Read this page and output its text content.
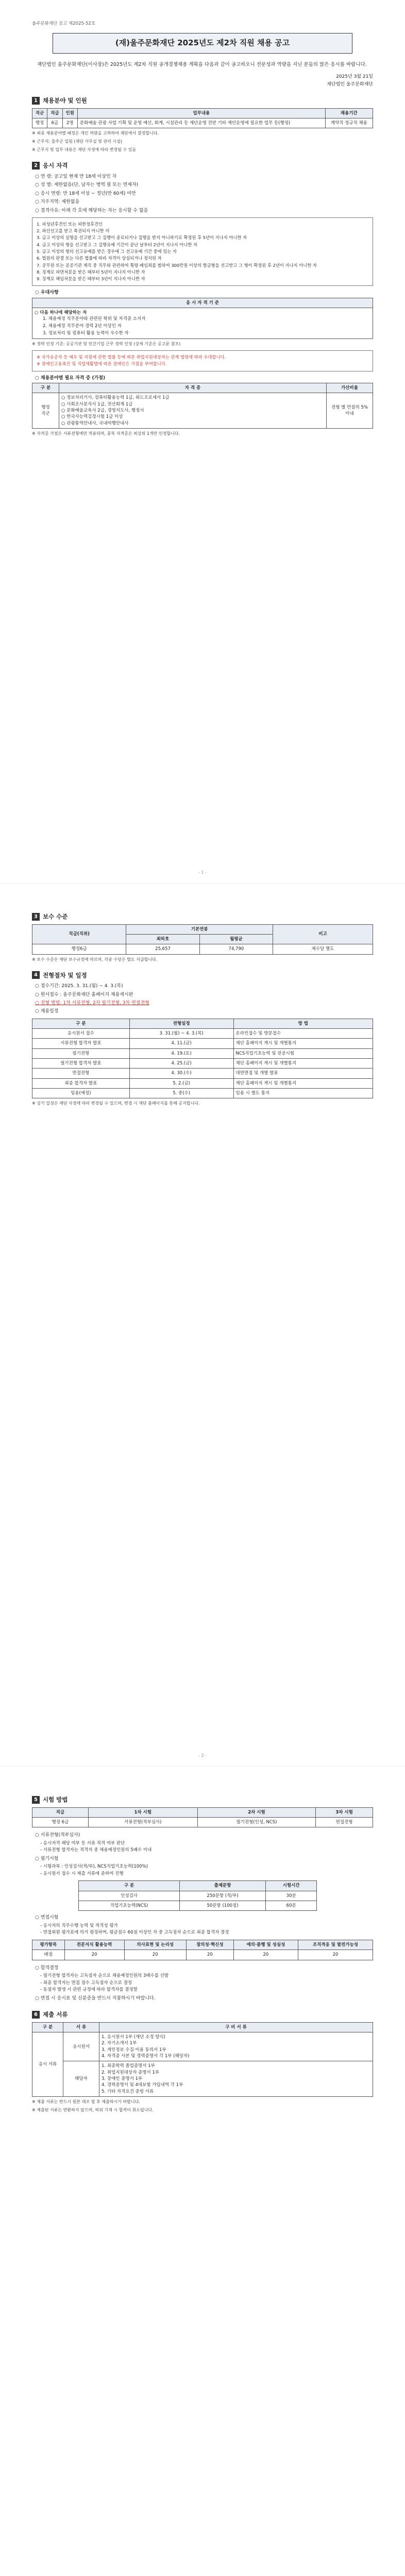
울주문화재단 공고 제2025-52호
(재)울주문화재단 2025년도 제2차 직원 채용 공고

재단법인 울주문화재단(이사장)은 2025년도 제2차 직원 공개경쟁채용 계획을 다음과 같이 공고하오니 전문성과 역량을 지닌 분들의 많은 응시를 바랍니다.

2025년 3월 21일
재단법인 울주문화재단
1 채용분야 및 인원
직군	직급	인원	업무내용	채용기간
행정	6급	2명	문화예술 관광 사업 기획 및 운영 예산, 회계, 시설관리 등 재단운영 전반 기타 재단운영에 필요한 업무 등(행정)	계약직 정규직 채용
※ 최종 채용분야별 배정은 개인 역량을 고려하여 재단에서 결정합니다.
※ 근무지: 울주군 일원 (재단 사무실 및 관리 시설)
※ 근무지 및 업무 내용은 재단 사정에 따라 변경될 수 있음
2 응시 자격
○ 연 령: 공고일 현재 만 18세 이상인 자
○ 성 별: 제한없음(단, 남자는 병역 필 또는 면제자)
○ 응시 연령: 만 18세 이상 ~ 정년(만 60세) 미만
○ 거주지역: 제한없음
○ 결격사유: 아래 각 호에 해당하는 자는 응시할 수 없음
1. 피성년후견인 또는 피한정후견인
2. 파산선고를 받고 복권되지 아니한 자
3. 금고 이상의 실형을 선고받고 그 집행이 종료되거나 집행을 받지 아니하기로 확정된 후 5년이 지나지 아니한 자
4. 금고 이상의 형을 선고받고 그 집행유예 기간이 끝난 날부터 2년이 지나지 아니한 자
5. 금고 이상의 형의 선고유예를 받은 경우에 그 선고유예 기간 중에 있는 자
6. 법원의 판결 또는 다른 법률에 따라 자격이 상실되거나 정지된 자
7. 공무원 또는 공공기관 재직 중 직무와 관련하여 횡령·배임죄를 범하여 300만원 이상의 벌금형을 선고받고 그 형이 확정된 후 2년이 지나지 아니한 자
8. 징계로 파면처분을 받은 때부터 5년이 지나지 아니한 자
9. 징계로 해임처분을 받은 때부터 3년이 지나지 아니한 자
○ 우대사항
응 시 자 격 기 준

○ 다음 하나에 해당하는 자
1. 채용예정 직무분야와 관련된 학위 및 자격증 소지자
2. 채용예정 직무분야 경력 2년 이상인 자
3. 정보처리 및 컴퓨터 활용 능력이 우수한 자
※ 경력 인정 기준: 공공기관 및 민간기업 근무 경력 인정 (상세 기준은 공고문 참조)
※ 국가유공자 등 예우 및 지원에 관한 법률 등에 따른 취업지원대상자는 관계 법령에 따라 우대합니다.
※ 장애인고용촉진 및 직업재활법에 따른 장애인은 가점을 부여합니다.
○ 채용분야별 필요 자격 증 (가점)
구 분	자 격 증	가산비율
행정
직군	○ 정보처리기사, 컴퓨터활용능력 1급, 워드프로세서 1급
○ 사회조사분석사 1급, 전산회계 1급
○ 문화예술교육사 2급, 경영지도사, 행정사
○ 한국사능력검정시험 1급 이상
○ 관광통역안내사, 국내여행안내사	전형 별 만점의 5% 이내
※ 자격증 가점은 서류전형에만 적용되며, 중복 자격증은 최상위 1개만 인정합니다.
- 1 -
3 보수 수준
직급(직위)	기본연봉		비고
	최하호	월평균	
행정6급	25,657	74,790	제수당 별도
※ 보수 수준은 재단 보수규정에 따르며, 각종 수당은 별도 지급합니다.
4 전형절차 및 일정
○ 접수기간: 2025. 3. 31.(월) ~ 4. 3.(목)
○ 원서접수 : 울주문화재단 홈페이지 채용게시판
○ 전형 방법: 1차 서류전형, 2차 필기전형, 3차 면접전형
○ 채용일정
구 분	전형일정	방 법
응시원서 접수	3. 31.(월) ~ 4. 3.(목)	온라인접수 및 방문접수
서류전형 합격자 발표	4. 11.(금)	재단 홈페이지 게시 및 개별통지
필기전형	4. 19.(토)	NCS직업기초능력 및 전공시험
필기전형 합격자 발표	4. 25.(금)	재단 홈페이지 게시 및 개별통지
면접전형	4. 30.(수)	대면면접 및 개별 발표
최종 합격자 발표	5. 2.(금)	재단 홈페이지 게시 및 개별통지
임용(예정)	5. 중(수)	임용 시 별도 통지
※ 상기 일정은 재단 사정에 따라 변경될 수 있으며, 변경 시 재단 홈페이지를 통해 공지합니다.
- 2 -
5 시험 방법
직급	1차 시험	2차 시험	3차 시험
행정 6급	서류전형(적부심사)	필기전형(인성, NCS)	면접전형
○ 서류전형(적부심사)
- 응시자격 해당 여부 등 서류 적격 여부 판단
- 서류전형 합격자는 적격자 중 채용예정인원의 5배수 이내
○ 필기시험
- 시험과목 : 인성검사(적/부), NCS직업기초능력(100%)
- 응시원서 접수 시 제출 서류에 준하여 진행
구 분	출제문항	시험시간
인성검사	250문항 (적/부)	30분
직업기초능력(NCS)	50문항 (100점)	60분
○ 면접시험
- 응시자의 직무수행 능력 및 적격성 평가
- 면접위원 평가표에 의거 평정하며, 평균점수 60점 이상인 자 중 고득점자 순으로 최종 합격자 결정
평가항목	전문지식 활용능력	의사표현 및 논리성	창의성·혁신성	예의·품행 및 성실성	조직적응 및 발전가능성
배점	20	20	20	20	20
○ 합격결정
- 필기전형 합격자는 고득점자 순으로 채용예정인원의 3배수를 선발
- 최종 합격자는 면접 점수 고득점자 순으로 결정
- 동점자 발생 시 관련 규정에 따라 합격자를 결정함
○ 면접 시 응시표 및 신분증을 반드시 지참하시기 바랍니다.
6 제출 서류
구 분	서 류	구 비 서 류
응시 서류	응시원서	1. 응시원서 1부 (재단 소정 양식)
2. 자기소개서 1부
3. 개인정보 수집·이용 동의서 1부
4. 자격증 사본 및 경력증명서 각 1부 (해당자)
	해당자	1. 최종학력 졸업증명서 1부
2. 취업지원대상자 증명서 1부
3. 장애인 증명서 1부
4. 경력증명서 및 4대보험 가입내역 각 1부
5. 기타 자격요건 증빙 서류
※ 제출 서류는 반드시 원본 대조 필 후 제출하시기 바랍니다.
※ 제출된 서류는 반환하지 않으며, 허위 기재 시 합격이 취소됩니다.
